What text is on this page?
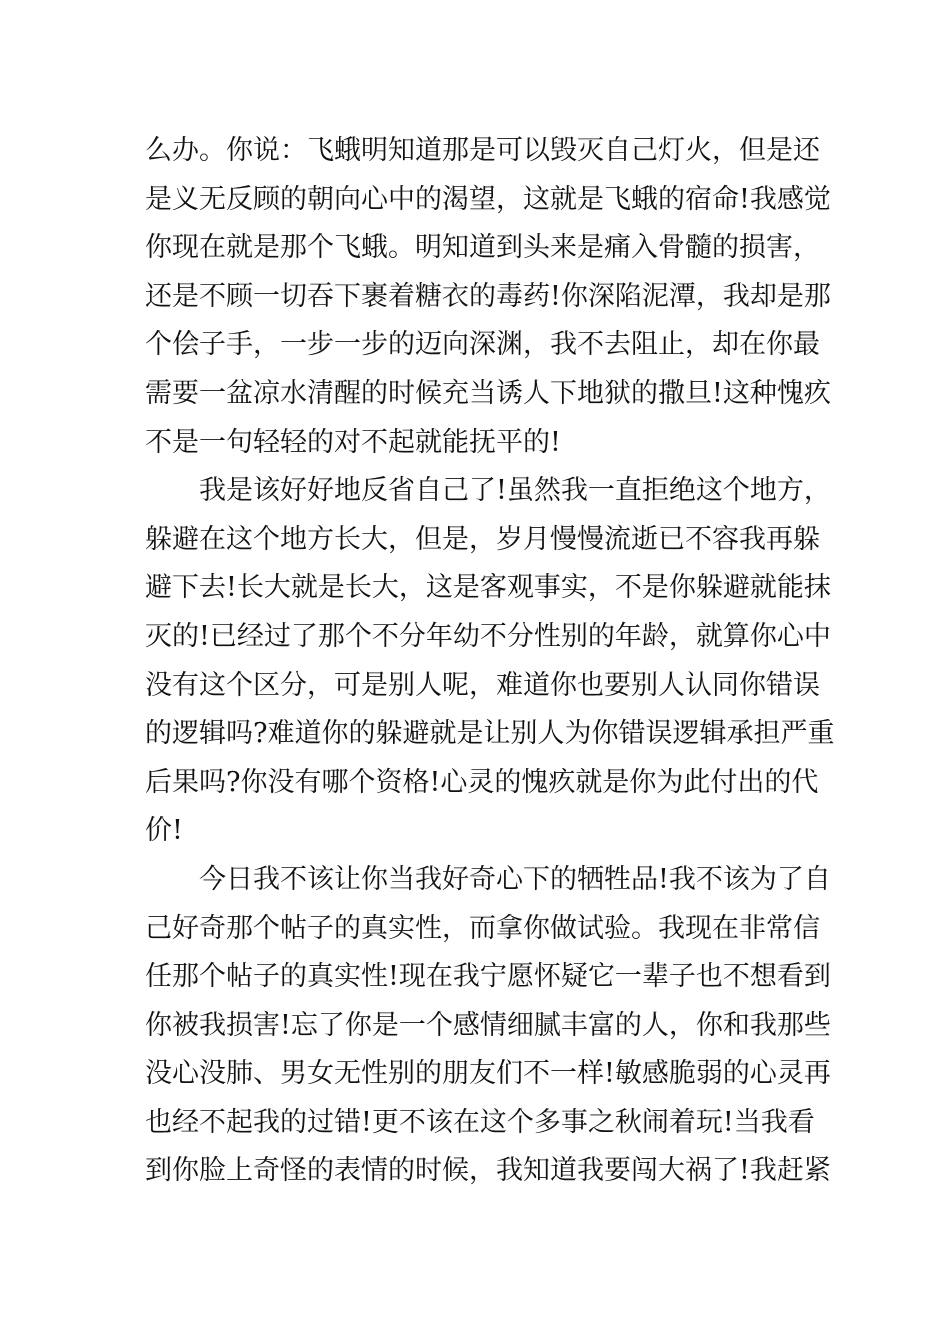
么办。你说：飞蛾明知道那是可以毁灭自己灯火，但是还
是义无反顾的朝向心中的渴望，这就是飞蛾的宿命!我感觉
你现在就是那个飞蛾。明知道到头来是痛入骨髓的损害，
还是不顾一切吞下裹着糖衣的毒药!你深陷泥潭，我却是那
个侩子手，一步一步的迈向深渊，我不去阻止，却在你最
需要一盆凉水清醒的时候充当诱人下地狱的撒旦!这种愧疚
不是一句轻轻的对不起就能抚平的!
我是该好好地反省自己了!虽然我一直拒绝这个地方，
躲避在这个地方长大，但是，岁月慢慢流逝已不容我再躲
避下去!长大就是长大，这是客观事实，不是你躲避就能抹
灭的!已经过了那个不分年幼不分性别的年龄，就算你心中
没有这个区分，可是别人呢，难道你也要别人认同你错误
的逻辑吗?难道你的躲避就是让别人为你错误逻辑承担严重
后果吗?你没有哪个资格!心灵的愧疚就是你为此付出的代
价!
今日我不该让你当我好奇心下的牺牲品!我不该为了自
己好奇那个帖子的真实性，而拿你做试验。我现在非常信
任那个帖子的真实性!现在我宁愿怀疑它一辈子也不想看到
你被我损害!忘了你是一个感情细腻丰富的人，你和我那些
没心没肺、男女无性别的朋友们不一样!敏感脆弱的心灵再
也经不起我的过错!更不该在这个多事之秋闹着玩!当我看
到你脸上奇怪的表情的时候，我知道我要闯大祸了!我赶紧
